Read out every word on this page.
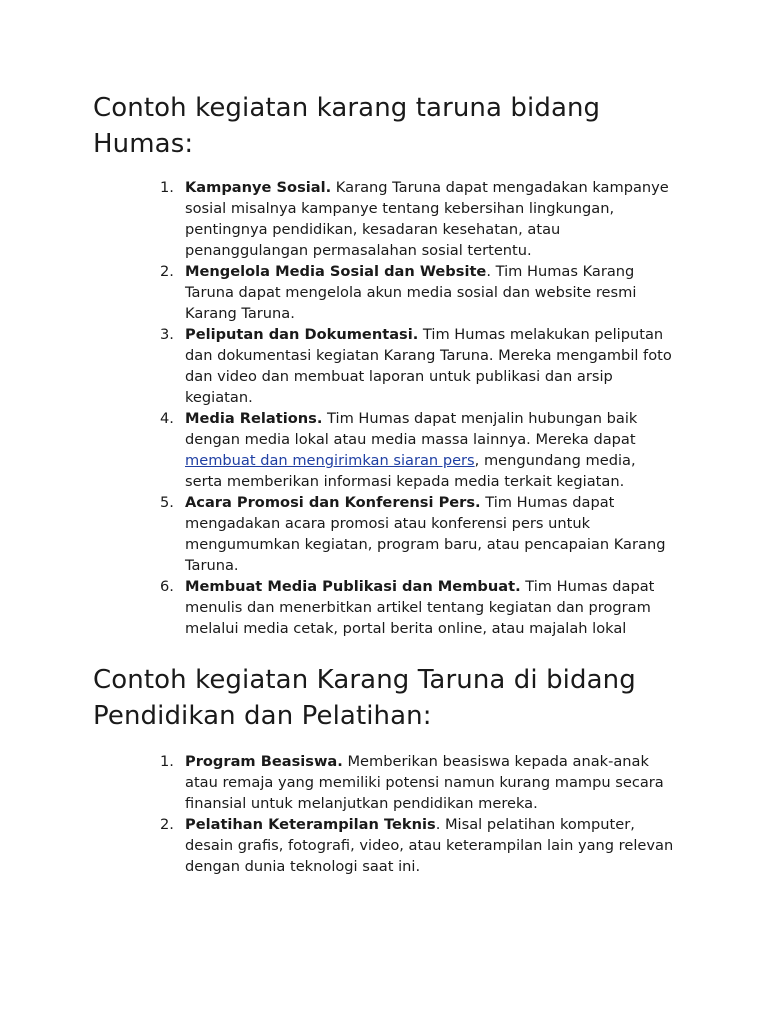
Contoh kegiatan karang taruna bidang Humas:
1. Kampanye Sosial. Karang Taruna dapat mengadakan kampanye sosial misalnya kampanye tentang kebersihan lingkungan, pentingnya pendidikan, kesadaran kesehatan, atau penanggulangan permasalahan sosial tertentu.
2. Mengelola Media Sosial dan Website. Tim Humas Karang Taruna dapat mengelola akun media sosial dan website resmi Karang Taruna.
3. Peliputan dan Dokumentasi. Tim Humas melakukan peliputan dan dokumentasi kegiatan Karang Taruna. Mereka mengambil foto dan video dan membuat laporan untuk publikasi dan arsip kegiatan.
4. Media Relations. Tim Humas dapat menjalin hubungan baik dengan media lokal atau media massa lainnya. Mereka dapat membuat dan mengirimkan siaran pers, mengundang media, serta memberikan informasi kepada media terkait kegiatan.
5. Acara Promosi dan Konferensi Pers. Tim Humas dapat mengadakan acara promosi atau konferensi pers untuk mengumumkan kegiatan, program baru, atau pencapaian Karang Taruna.
6. Membuat Media Publikasi dan Membuat. Tim Humas dapat menulis dan menerbitkan artikel tentang kegiatan dan program melalui media cetak, portal berita online, atau majalah lokal
Contoh kegiatan Karang Taruna di bidang Pendidikan dan Pelatihan:
1. Program Beasiswa. Memberikan beasiswa kepada anak-anak atau remaja yang memiliki potensi namun kurang mampu secara finansial untuk melanjutkan pendidikan mereka.
2. Pelatihan Keterampilan Teknis. Misal pelatihan komputer, desain grafis, fotografi, video, atau keterampilan lain yang relevan dengan dunia teknologi saat ini.
